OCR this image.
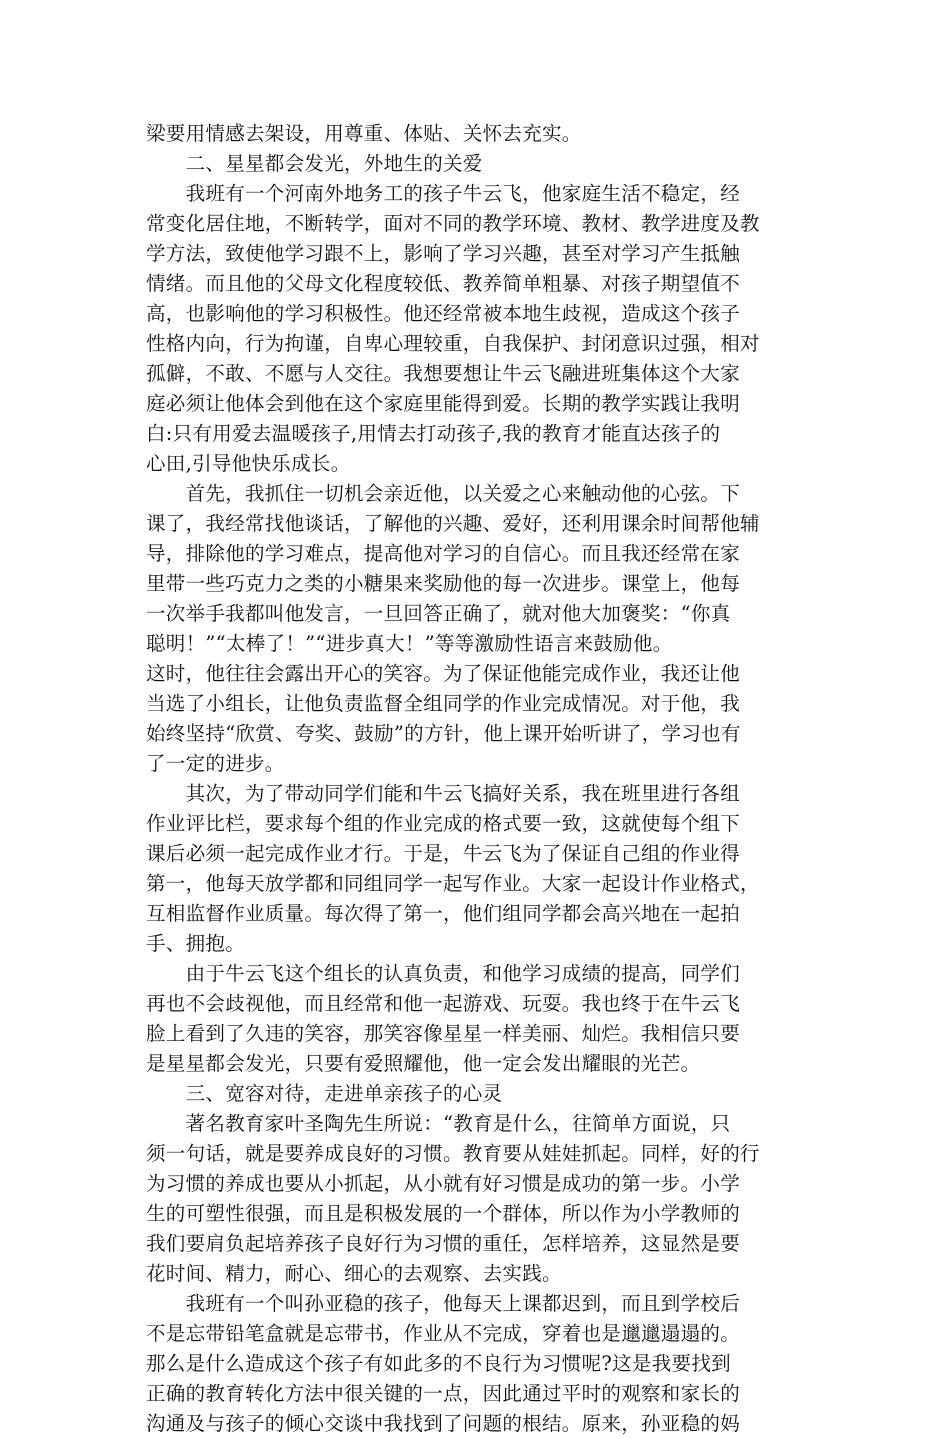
梁要用情感去架设，用尊重、体贴、关怀去充实。
　　二、星星都会发光，外地生的关爱
　　我班有一个河南外地务工的孩子牛云飞，他家庭生活不稳定，经
常变化居住地，不断转学，面对不同的教学环境、教材、教学进度及教
学方法，致使他学习跟不上，影响了学习兴趣，甚至对学习产生抵触
情绪。而且他的父母文化程度较低、教养简单粗暴、对孩子期望值不
高，也影响他的学习积极性。他还经常被本地生歧视，造成这个孩子
性格内向，行为拘谨，自卑心理较重，自我保护、封闭意识过强，相对
孤僻，不敢、不愿与人交往。我想要想让牛云飞融进班集体这个大家
庭必须让他体会到他在这个家庭里能得到爱。长期的教学实践让我明
白:只有用爱去温暖孩子,用情去打动孩子,我的教育才能直达孩子的
心田,引导他快乐成长。
　　首先，我抓住一切机会亲近他，以关爱之心来触动他的心弦。下
课了，我经常找他谈话，了解他的兴趣、爱好，还利用课余时间帮他辅
导，排除他的学习难点，提高他对学习的自信心。而且我还经常在家
里带一些巧克力之类的小糖果来奖励他的每一次进步。课堂上，他每
一次举手我都叫他发言，一旦回答正确了，就对他大加褒奖：“你真
聪明！”“太棒了！”“进步真大！”等等激励性语言来鼓励他。
这时，他往往会露出开心的笑容。为了保证他能完成作业，我还让他
当选了小组长，让他负责监督全组同学的作业完成情况。对于他，我
始终坚持“欣赏、夸奖、鼓励”的方针，他上课开始听讲了，学习也有
了一定的进步。
　　其次，为了带动同学们能和牛云飞搞好关系，我在班里进行各组
作业评比栏，要求每个组的作业完成的格式要一致，这就使每个组下
课后必须一起完成作业才行。于是，牛云飞为了保证自己组的作业得
第一，他每天放学都和同组同学一起写作业。大家一起设计作业格式，
互相监督作业质量。每次得了第一，他们组同学都会高兴地在一起拍
手、拥抱。
　　由于牛云飞这个组长的认真负责，和他学习成绩的提高，同学们
再也不会歧视他，而且经常和他一起游戏、玩耍。我也终于在牛云飞
脸上看到了久违的笑容，那笑容像星星一样美丽、灿烂。我相信只要
是星星都会发光，只要有爱照耀他，他一定会发出耀眼的光芒。
　　三、宽容对待，走进单亲孩子的心灵
　　著名教育家叶圣陶先生所说：“教育是什么，往简单方面说，只
须一句话，就是要养成良好的习惯。教育要从娃娃抓起。同样，好的行
为习惯的养成也要从小抓起，从小就有好习惯是成功的第一步。小学
生的可塑性很强，而且是积极发展的一个群体，所以作为小学教师的
我们要肩负起培养孩子良好行为习惯的重任，怎样培养，这显然是要
花时间、精力，耐心、细心的去观察、去实践。
　　我班有一个叫孙亚稳的孩子，他每天上课都迟到，而且到学校后
不是忘带铅笔盒就是忘带书，作业从不完成，穿着也是邋邋遢遢的。
那么是什么造成这个孩子有如此多的不良行为习惯呢?这是我要找到
正确的教育转化方法中很关键的一点，因此通过平时的观察和家长的
沟通及与孩子的倾心交谈中我找到了问题的根结。原来，孙亚稳的妈
